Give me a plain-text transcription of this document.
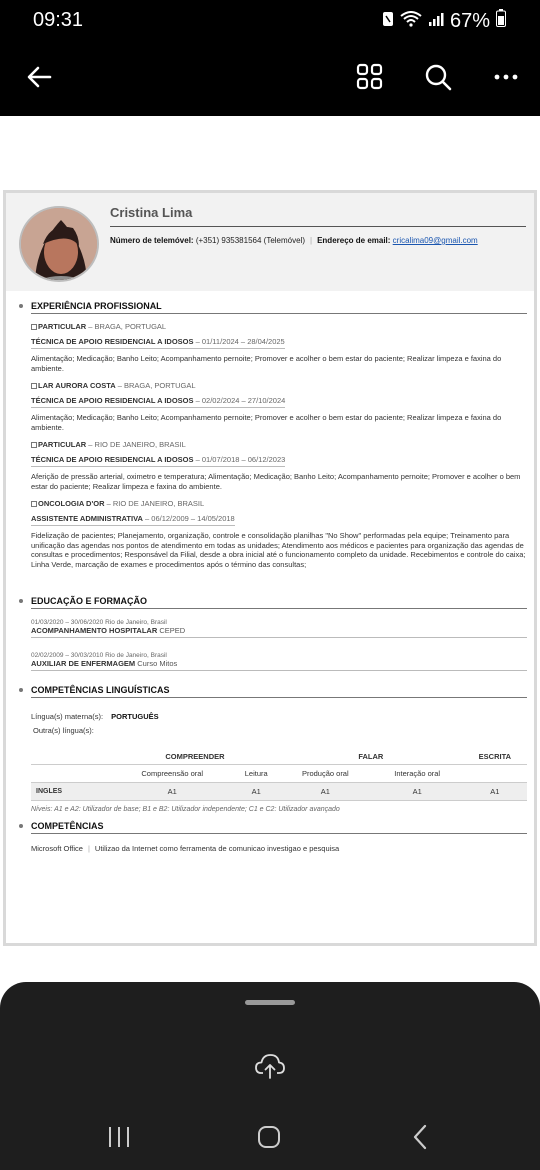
09:31	67%
Cristina Lima
Número de telemóvel: (+351) 935381564 (Telemóvel) | Endereço de email: cricalima09@gmail.com
EXPERIÊNCIA PROFISSIONAL
PARTICULAR – BRAGA, PORTUGAL
TÉCNICA DE APOIO RESIDENCIAL A IDOSOS – 01/11/2024 – 28/04/2025
Alimentação; Medicação; Banho Leito; Acompanhamento pernoite; Promover e acolher o bem estar do paciente; Realizar limpeza e faxina do ambiente.
LAR AURORA COSTA – BRAGA, PORTUGAL
TÉCNICA DE APOIO RESIDENCIAL A IDOSOS – 02/02/2024 – 27/10/2024
Alimentação; Medicação; Banho Leito; Acompanhamento pernoite; Promover e acolher o bem estar do paciente; Realizar limpeza e faxina do ambiente.
PARTICULAR – RIO DE JANEIRO, BRASIL
TÉCNICA DE APOIO RESIDENCIAL A IDOSOS – 01/07/2018 – 06/12/2023
Aferição de pressão arterial, oximetro e temperatura; Alimentação; Medicação; Banho Leito; Acompanhamento pernoite; Promover e acolher o bem estar do paciente; Realizar limpeza e faxina do ambiente.
ONCOLOGIA D'OR – RIO DE JANEIRO, BRASIL
ASSISTENTE ADMINISTRATIVA – 06/12/2009 – 14/05/2018
Fidelização de pacientes; Planejamento, organização, controle e consolidação planilhas "No Show" performadas pela equipe; Treinamento para unificação das agendas nos pontos de atendimento em todas as unidades; Atendimento aos médicos e pacientes para organização das agendas de consultas e procedimentos; Responsável da Filial, desde a obra inicial até o funcionamento completo da unidade. Recebimentos e controle do caixa; Linha Verde, marcação de exames e procedimentos após o término das consultas;
EDUCAÇÃO E FORMAÇÃO
01/03/2020 – 30/06/2020 Rio de Janeiro, Brasil
ACOMPANHAMENTO HOSPITALAR CEPED
02/02/2009 – 30/03/2010 Rio de Janeiro, Brasil
AUXILIAR DE ENFERMAGEM Curso Mitos
COMPETÊNCIAS LINGUÍSTICAS
Língua(s) materna(s): PORTUGUÊS
Outra(s) língua(s):
	COMPREENDER		FALAR		ESCRITA
	Compreensão oral	Leitura	Produção oral	Interação oral	
INGLES	A1	A1	A1	A1	A1
Níveis: A1 e A2: Utilizador de base; B1 e B2: Utilizador independente; C1 e C2: Utilizador avançado
COMPETÊNCIAS
Microsoft Office | Utilizao da Internet como ferramenta de comunicao investigao e pesquisa
